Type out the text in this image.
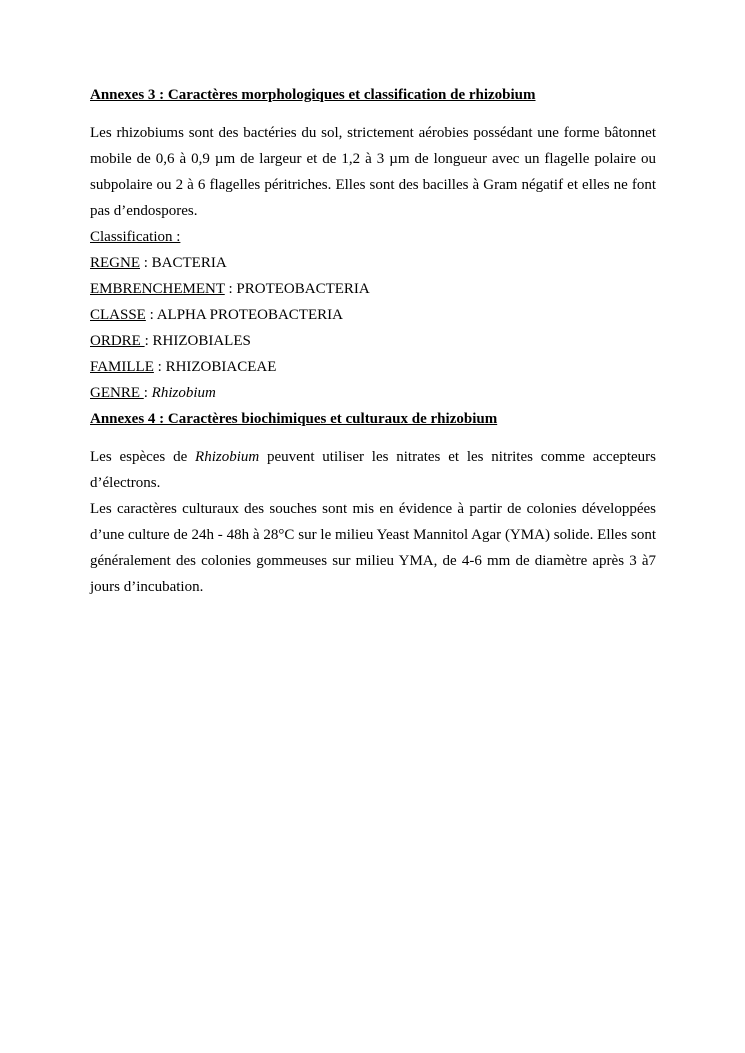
Annexes 3 : Caractères morphologiques et classification de rhizobium

Les rhizobiums sont des bactéries du sol, strictement aérobies possédant une forme bâtonnet mobile de 0,6 à 0,9 µm de largeur et de 1,2 à 3 µm de longueur avec un flagelle polaire ou subpolaire ou 2 à 6 flagelles péritriches. Elles sont des bacilles à Gram négatif et elles ne font pas d’endospores.

Classification :
REGNE : BACTERIA
EMBRENCHEMENT : PROTEOBACTERIA
CLASSE : ALPHA PROTEOBACTERIA
ORDRE : RHIZOBIALES
FAMILLE : RHIZOBIACEAE
GENRE : Rhizobium
Annexes 4 : Caractères biochimiques et culturaux de rhizobium

Les espèces de Rhizobium peuvent utiliser les nitrates et les nitrites comme accepteurs d’électrons.

Les caractères culturaux des souches sont mis en évidence à partir de colonies développées d’une culture de 24h - 48h à 28°C sur le milieu Yeast Mannitol Agar (YMA) solide. Elles sont généralement des colonies gommeuses sur milieu YMA, de 4-6 mm de diamètre après 3 à7 jours d’incubation.
